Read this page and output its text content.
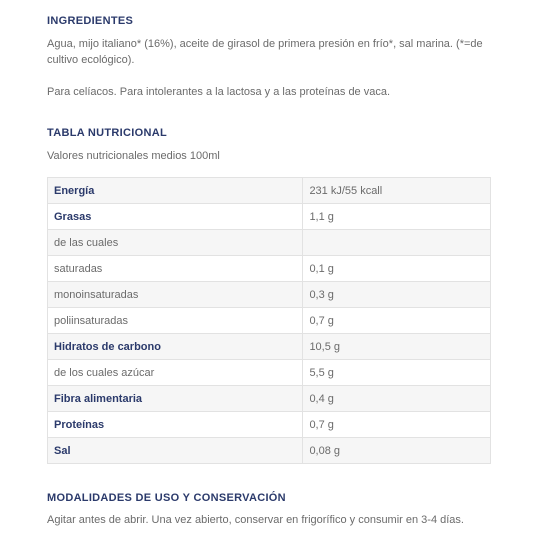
INGREDIENTES

Agua, mijo italiano* (16%), aceite de girasol de primera presión en frío*, sal marina. (*=de cultivo ecológico).

Para celíacos. Para intolerantes a la lactosa y a las proteínas de vaca.

TABLA NUTRICIONAL

Valores nutricionales medios 100ml

Energía	231 kJ/55 kcall
Grasas	1,1 g
de las cuales	
saturadas	0,1 g
monoinsaturadas	0,3 g
poliinsaturadas	0,7 g
Hidratos de carbono	10,5 g
de los cuales azúcar	5,5 g
Fibra alimentaria	0,4 g
Proteínas	0,7 g
Sal	0,08 g
MODALIDADES DE USO Y CONSERVACIÓN

Agitar antes de abrir. Una vez abierto, conservar en frigorífico y consumir en 3-4 días.
